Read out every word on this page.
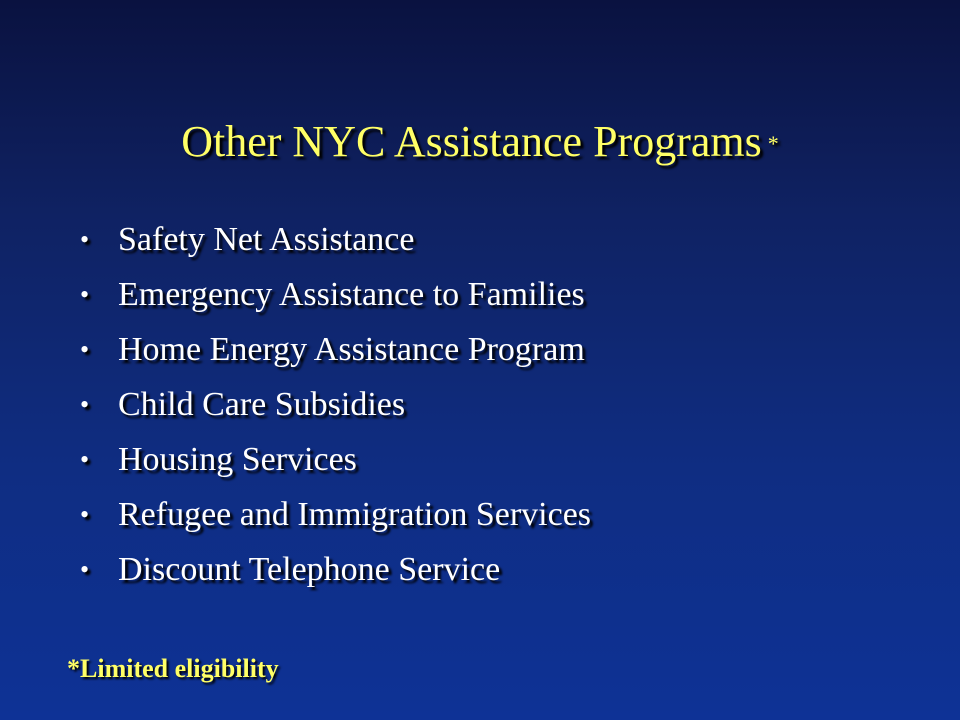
Other NYC Assistance Programs *
• Safety Net Assistance
• Emergency Assistance to Families
• Home Energy Assistance Program
• Child Care Subsidies
• Housing Services
• Refugee and Immigration Services
• Discount Telephone Service
*Limited eligibility
